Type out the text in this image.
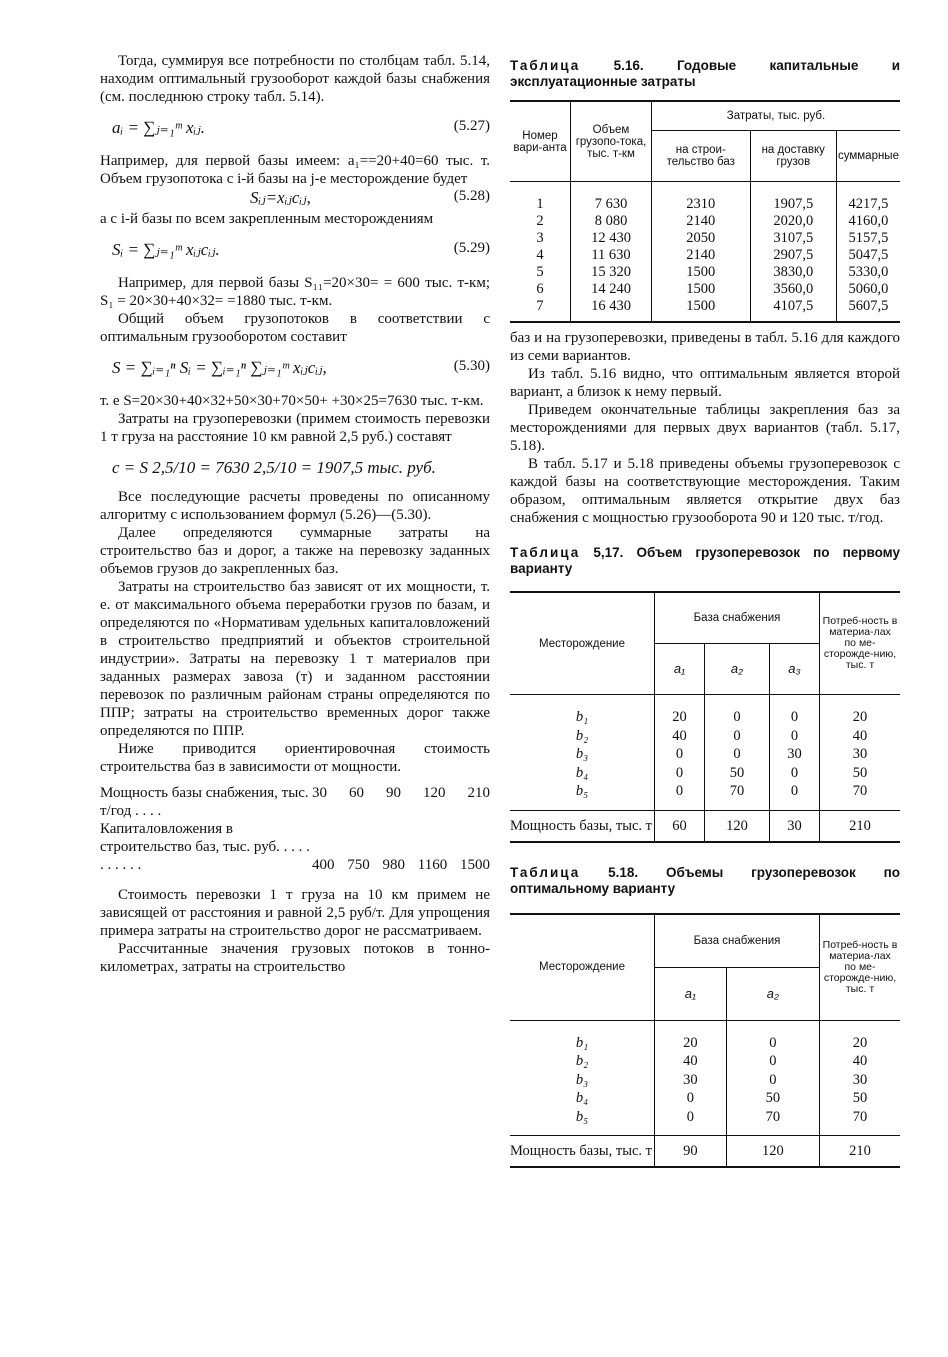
Тогда, суммируя все потребности по столбцам табл. 5.14, находим оптимальный грузооборот каждой базы снабжения (см. последнюю строку табл. 5.14).

aᵢ = ∑ⱼ₌₁ᵐ xᵢⱼ.	(5.27)

Например, для первой базы имеем: a₁=​=20+40=60 тыс. т. Объем грузопотока с i-й базы на j-е месторождение будет

Sᵢⱼ=xᵢⱼcᵢⱼ,	(5.28)

а с i-й базы по всем закрепленным месторождениям

Sᵢ = ∑ⱼ₌₁ᵐ xᵢⱼcᵢⱼ.	(5.29)

Например, для первой базы S₁₁=20×30= = 600 тыс. т-км; S₁ = 20×30+40×32= =1880 тыс. т-км.

Общий объем грузопотоков в соответствии с оптимальным грузооборотом составит

S = ∑ᵢ₌₁ⁿ Sᵢ = ∑ᵢ₌₁ⁿ ∑ⱼ₌₁ᵐ xᵢⱼcᵢⱼ,	(5.30)

т. е S=20×30+40×32+50×30+70×50+ +30×25=7630 тыс. т-км.

Затраты на грузоперевозки (примем стоимость перевозки 1 т груза на расстояние 10 км равной 2,5 руб.) составят

c = S 2,5/10 = 7630 2,5/10 = 1907,5 тыс. руб.

Все последующие расчеты проведены по описанному алгоритму с использованием формул (5.26)—(5.30).

Далее определяются суммарные затраты на строительство баз и дорог, а также на перевозку заданных объемов грузов до закрепленных баз.

Затраты на строительство баз зависят от их мощности, т. е. от максимального объема переработки грузов по базам, и определяются по «Нормативам удельных капиталовложений в строительство предприятий и объектов строительной индустрии». Затраты на перевозку 1 т материалов при заданных размерах завоза (т) и заданном расстоянии перевозок по различным районам страны определяются по ППР; затраты на строительство временных дорог также определяются по ППР.

Ниже приводится ориентировочная стоимость строительства баз в зависимости от мощности.

Мощность базы снабжения, тыс. т/год . . . .
30 60 90 120 210
Капиталовложения в строительство баз, тыс. руб. . . . . . . . . . .	400 750 980 1160 1500

Стоимость перевозки 1 т груза на 10 км примем не зависящей от расстояния и равной 2,5 руб/т. Для упрощения примера затраты на строительство дорог не рассматриваем.

Рассчитанные значения грузовых потоков в тонно-километрах, затраты на строительство

Таблица 5.16. Годовые капитальные и эксплуатационные затраты

Номер вари-анта	Объем грузопо-тока, тыс. т-км	Затраты, тыс. руб.		
		на строи-тельство баз	на доставку грузов	суммарные
1	7 630	2310	1907,5	4217,5
2	8 080	2140	2020,0	4160,0
3	12 430	2050	3107,5	5157,5
4	11 630	2140	2907,5	5047,5
5	15 320	1500	3830,0	5330,0
6	14 240	1500	3560,0	5060,0
7	16 430	1500	4107,5	5607,5

баз и на грузоперевозки, приведены в табл. 5.16 для каждого из семи вариантов.

Из табл. 5.16 видно, что оптимальным является второй вариант, а близок к нему первый.

Приведем окончательные таблицы закрепления баз за месторождениями для первых двух вариантов (табл. 5.17, 5.18).

В табл. 5.17 и 5.18 приведены объемы грузоперевозок с каждой базы на соответствующие месторождения. Таким образом, оптимальным является открытие двух баз снабжения с мощностью грузооборота 90 и 120 тыс. т/год.

Таблица 5,17. Объем грузоперевозок по первому варианту

Месторождение	База снабжения			Потреб-ность в материа-лах по ме-сторожде-нию, тыс. т
	a₁	a₂	a₃	
b₁	20	0	0	20
b₂	40	0	0	40
b₃	0	0	30	30
b₄	0	50	0	50
b₅	0	70	0	70
Мощность базы, тыс. т	60	120	30	210

Таблица 5.18. Объемы грузоперевозок по оптимальному варианту

Месторождение	База снабжения		Потреб-ность в материа-лах по ме-сторожде-нию, тыс. т
	a₁	a₂	
b₁	20	0	20
b₂	40	0	40
b₃	30	0	30
b₄	0	50	50
b₅	0	70	70
Мощность базы, тыс. т	90	120	210
